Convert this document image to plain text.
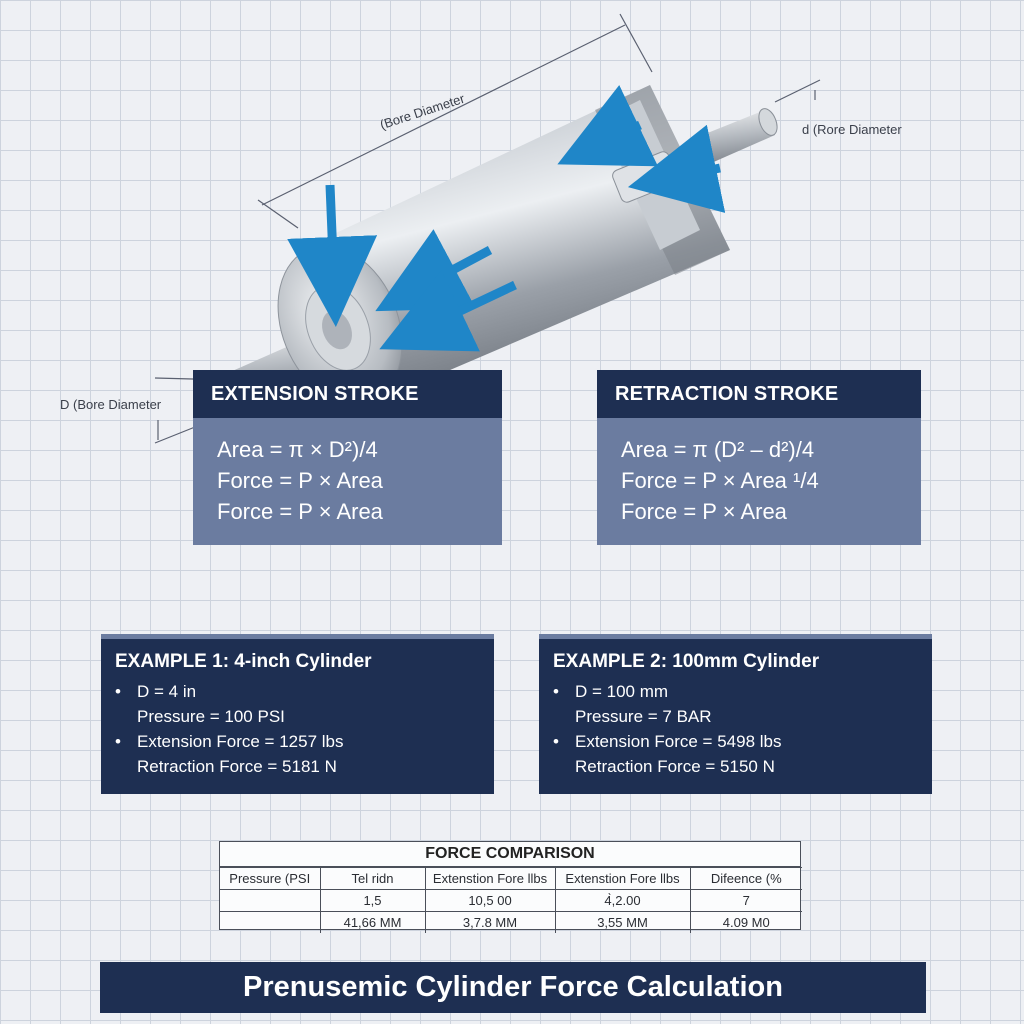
(Bore Diameter	d (Rore Diameter
D (Bore Diameter	EXTENSION STROKE
Area = π × D²)/4
Force = P × Area
Force = P × Area
RETRACTION STROKE
Area = π (D² – d²)/4
Force = P × Area ¹/4
Force = P × Area
EXAMPLE 1: 4-inch Cylinder
• D = 4 in
Pressure = 100 PSI
• Extension Force = 1257 lbs
Retraction Force = 5181 N
EXAMPLE 2: 100mm Cylinder
• D = 100 mm
Pressure = 7 BAR
• Extension Force = 5498 lbs
Retraction Force = 5150 N
FORCE COMPARISON
Pressure (PSI	Tel ridn	Extenstion Fore llbs	Extenstion Fore llbs	Difeence (%
	1,5	10,5 00	4̀,2.00	7
	41,66 MM	3,7.8 MM	3,55 MM	4.09 M0
Prenusemic Cylinder Force Calculation
